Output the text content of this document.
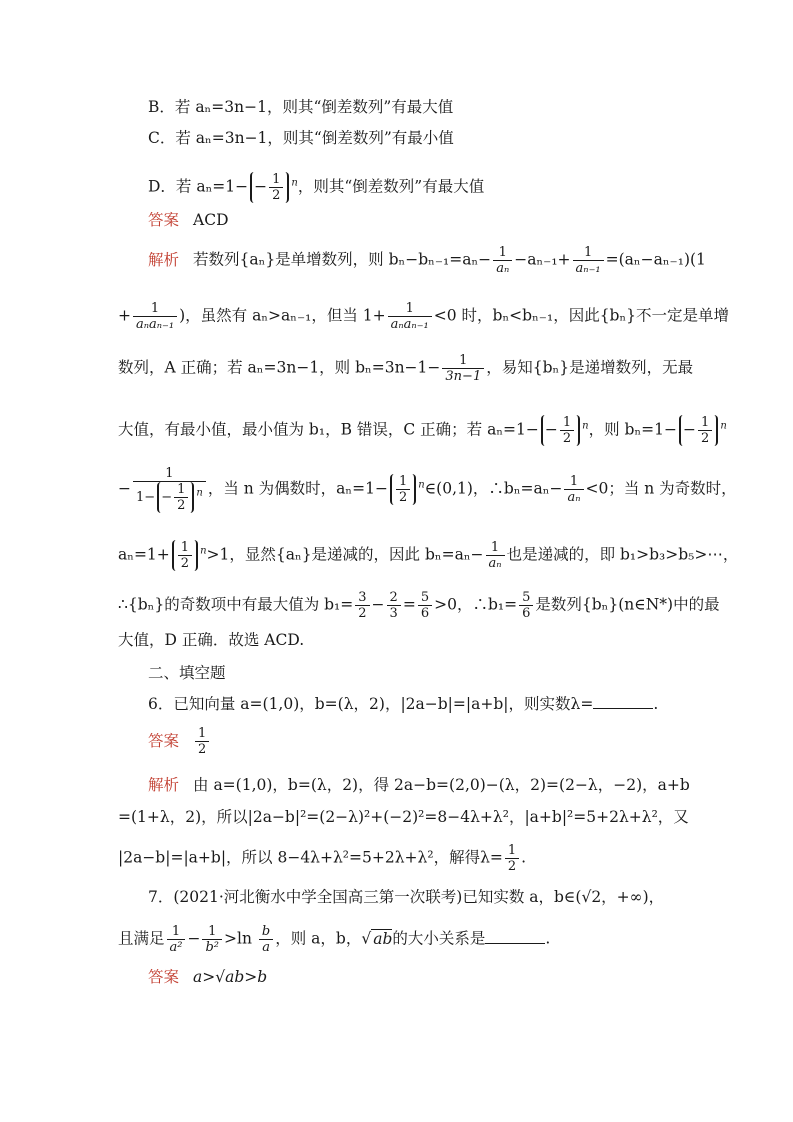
B．若 aₙ=3n−1，则其“倒差数列”有最大值
C．若 aₙ=3n−1，则其“倒差数列”有最小值
D．若 $a_n=1- - \frac{1}{2} ^n$，则其“倒差数列”有最大值
答案 ACD
解析 若数列{aₙ}是单增数列，则 $b_n-b_{n-1}=a_n- \frac{1}{\text{aₙ}} -a_{n-1}+ \frac{1}{\text{aₙ₋₁}} =(a_n-a_{n-1})(1$
+ $\frac{1}{\text{aₙaₙ₋₁}}$ )，虽然有 aₙ>aₙ₋₁，但当 $1+ \frac{1}{\text{aₙaₙ₋₁}} <0$ 时，bₙ<bₙ₋₁，因此{bₙ}不一定是单增
数列，A 正确；若 aₙ=3n−1，则 $b_n=3n-1- \frac{1}{3n-1}$ ，易知{bₙ}是递增数列，无最
大值，有最小值，最小值为 b₁，B 错误，C 正确；若 $a_n=1- - \frac{1}{2} ^n$，则 $b_n=1- - \frac{1}{2} ^n$
− $\frac{1}{1- - \frac{1}{2} ^n}$ ，当 n 为偶数时，$a_n=1- \frac{1}{2}$ $^n$∈(0,1)，∴bₙ=aₙ− $\frac{1}{\text{aₙ}} <0$；当 n 为奇数时，
$a_n=1+ \frac{1}{2} ^n>1$，显然{aₙ}是递减的，因此 $b_n=a_n- \frac{1}{\text{aₙ}}$ 也是递减的，即 b₁>b₃>b₅>⋯，
∴{bₙ}的奇数项中有最大值为 $b_1= \frac{3}{2} - \frac{2}{3} = \frac{5}{6} >0$，∴b₁= $\frac{5}{6}$ 是数列{bₙ}(n∈N*)中的最
大值，D 正确．故选 ACD.
二、填空题
6．已知向量 a=(1,0)，b=(λ，2)，|2a−b|=|a+b|，则实数λ=	.
答案 $\frac{1}{2}$
解析 由 a=(1,0)，b=(λ，2)，得 2a−b=(2,0)−(λ，2)=(2−λ，−2)，a+b
=(1+λ，2)，所以|2a−b|²=(2−λ)²+(−2)²=8−4λ+λ²，|a+b|²=5+2λ+λ²，又
|2a−b|=|a+b|，所以 8−4λ+λ²=5+2λ+λ²，解得$\lambda= \frac{1}{2}$ .
7．(2021·河北衡水中学全国高三第一次联考)已知实数 a，b∈(√2，+∞)，
且满足 $\frac{1}{\text{a²}} - \frac{1}{\text{b²}} >\ln \frac{b}{a}$ ，则 a，b，√ ab的大小关系是	.
答案 a>√ab>b
